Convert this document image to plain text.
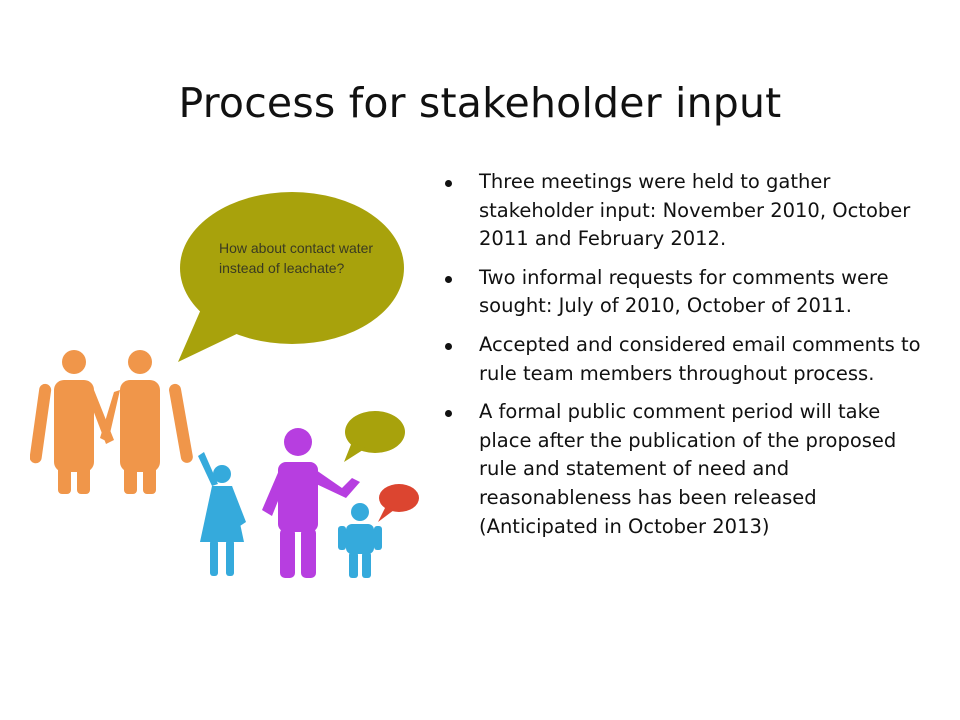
Process for stakeholder input
How about contact water instead of leachate?
Three meetings were held to gather stakeholder input: November 2010, October 2011 and February 2012.
Two informal requests for comments were sought: July of 2010, October of 2011.
Accepted and considered email comments to rule team members throughout process.
A formal public comment period will take place after the publication of the proposed rule and statement of need and reasonableness has been released (Anticipated in October 2013)
